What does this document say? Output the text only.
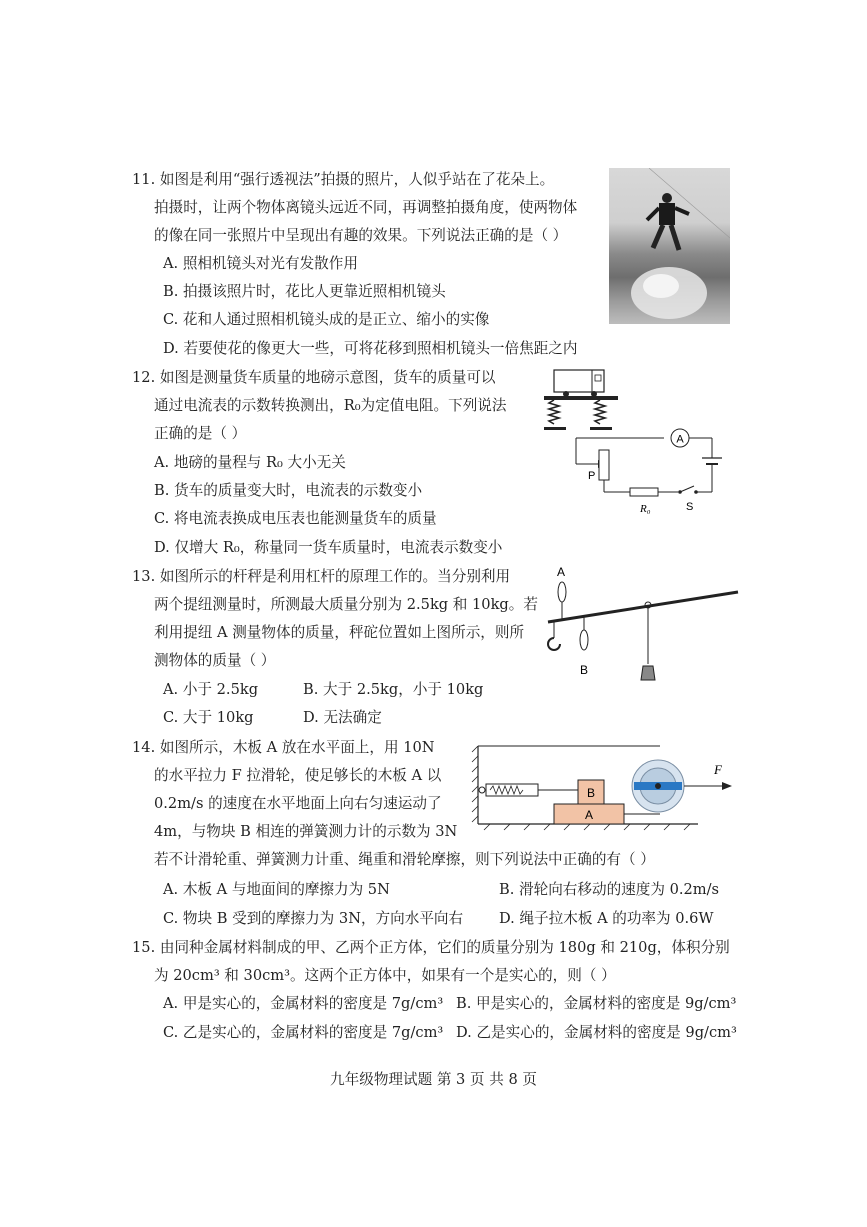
11. 如图是利用“强行透视法”拍摄的照片，人似乎站在了花朵上。
拍摄时，让两个物体离镜头远近不同，再调整拍摄角度，使两物体
的像在同一张照片中呈现出有趣的效果。下列说法正确的是（ ）
A. 照相机镜头对光有发散作用
B. 拍摄该照片时，花比人更靠近照相机镜头
C. 花和人通过照相机镜头成的是正立、缩小的实像
D. 若要使花的像更大一些，可将花移到照相机镜头一倍焦距之内
12. 如图是测量货车质量的地磅示意图，货车的质量可以
通过电流表的示数转换测出，R₀为定值电阻。下列说法
正确的是（ ）
A. 地磅的量程与 R₀ 大小无关
B. 货车的质量变大时，电流表的示数变小
C. 将电流表换成电压表也能测量货车的质量
D. 仅增大 R₀，称量同一货车质量时，电流表示数变小
A
P
R₀	S
13. 如图所示的杆秤是利用杠杆的原理工作的。当分别利用
两个提纽测量时，所测最大质量分别为 2.5kg 和 10kg。若
利用提纽 A 测量物体的质量，秤砣位置如上图所示，则所
测物体的质量（ ）
A. 小于 2.5kg	B. 大于 2.5kg，小于 10kg
C. 大于 10kg	D. 无法确定
A
B
14. 如图所示，木板 A 放在水平面上，用 10N
的水平拉力 F 拉滑轮，使足够长的木板 A 以
0.2m/s 的速度在水平地面上向右匀速运动了
4m，与物块 B 相连的弹簧测力计的示数为 3N
若不计滑轮重、弹簧测力计重、绳重和滑轮摩擦，则下列说法中正确的有（ ）
A. 木板 A 与地面间的摩擦力为 5N	B. 滑轮向右移动的速度为 0.2m/s
C. 物块 B 受到的摩擦力为 3N，方向水平向右 D. 绳子拉木板 A 的功率为 0.6W
A
B
F
15. 由同种金属材料制成的甲、乙两个正方体，它们的质量分别为 180g 和 210g，体积分别
为 20cm³ 和 30cm³。这两个正方体中，如果有一个是实心的，则（ ）
A. 甲是实心的，金属材料的密度是 7g/cm³ B. 甲是实心的，金属材料的密度是 9g/cm³
C. 乙是实心的，金属材料的密度是 7g/cm³ D. 乙是实心的，金属材料的密度是 9g/cm³
九年级物理试题 第 3 页 共 8 页
